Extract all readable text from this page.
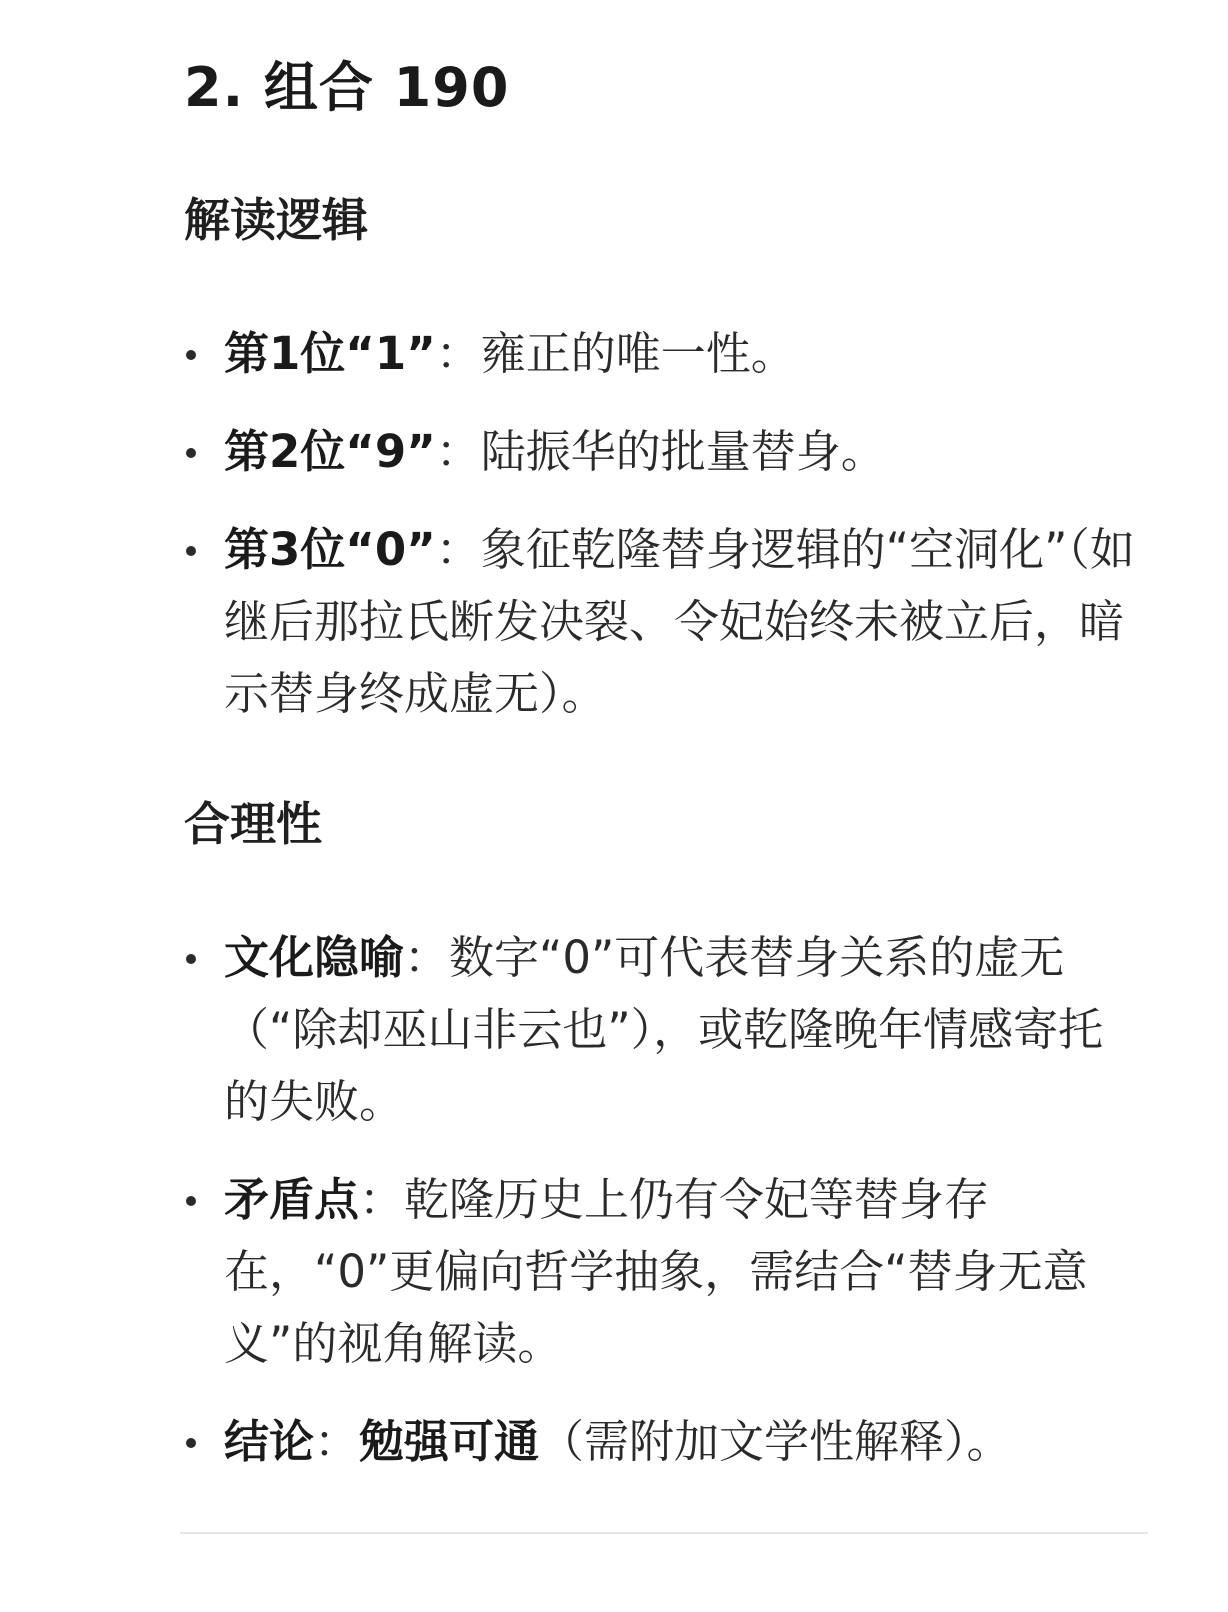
2. 组合 190
解读逻辑
第1位“1”：雍正的唯一性。
第2位“9”：陆振华的批量替身。
第3位“0”：象征乾隆替身逻辑的“空洞化”（如继后那拉氏断发决裂、令妃始终未被立后，暗示替身终成虚无）。
合理性
文化隐喻：数字“0”可代表替身关系的虚无（“除却巫山非云也”），或乾隆晚年情感寄托的失败。
矛盾点：乾隆历史上仍有令妃等替身存在，“0”更偏向哲学抽象，需结合“替身无意义”的视角解读。
结论：勉强可通（需附加文学性解释）。
